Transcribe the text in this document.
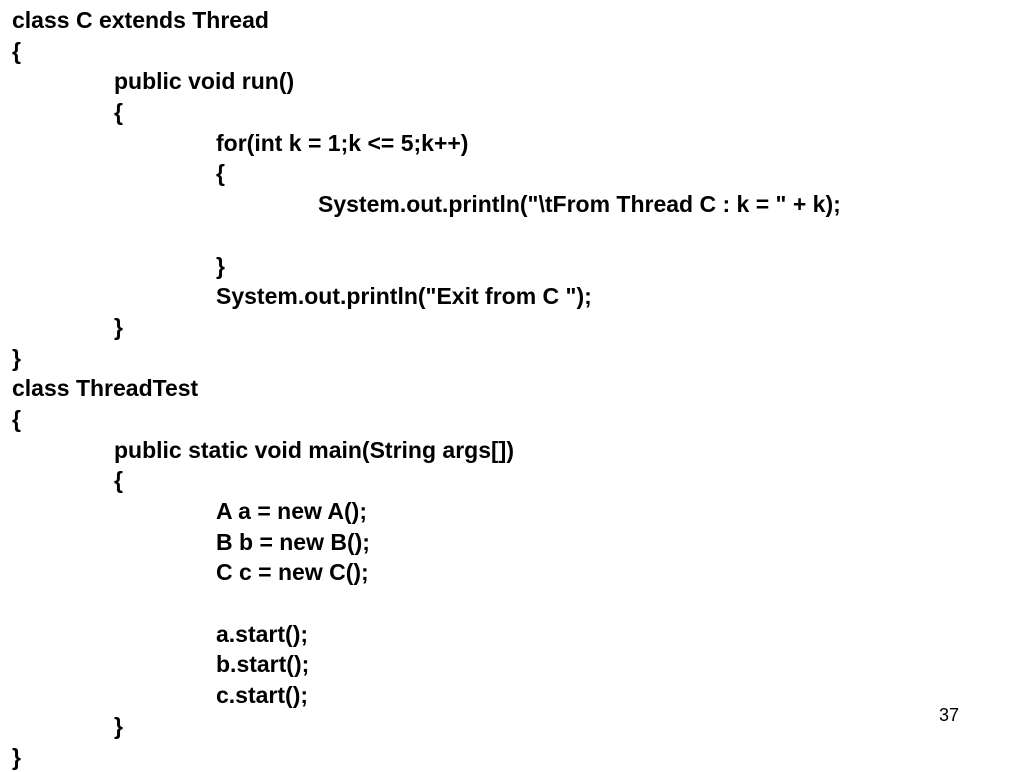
class C extends Thread
{
public void run()
{
for(int k = 1;k <= 5;k++)
{
System.out.println("\tFrom Thread C : k = " + k);
}
System.out.println("Exit from C ");
}
}
class ThreadTest
{
public static void main(String args[])
{
A a = new A();
B b = new B();
C c = new C();
a.start();
b.start();
c.start();
}
}
37
